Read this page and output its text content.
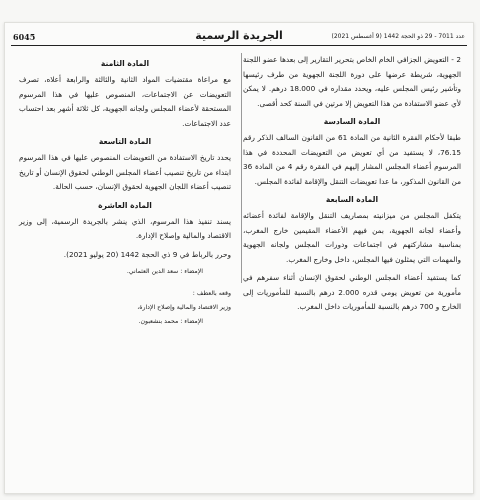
6045	الجريدة الرسمية	عدد 7011 - 29 ذو الحجة 1442 (9 أغسطس 2021)

2 - التعويض الجزافي الخام الخاص بتحرير التقارير إلى بعدها عضو اللجنة الجهوية، شريطة عرضها على دورة اللجنة الجهوية من طرف رئيسها وتأشير رئيس المجلس عليه، ويحدد مقداره في 18.000 درهم. لا يمكن لأي عضو الاستفادة من هذا التعويض إلا مرتين في السنة كحد أقصى.

المادة السادسة

طبقا لأحكام الفقرة الثانية من المادة 61 من القانون السالف الذكر رقم 76.15، لا يستفيد من أي تعويض من التعويضات المحددة في هذا المرسوم أعضاء المجلس المشار إليهم في الفقرة رقم 4 من المادة 36 من القانون المذكور، ما عدا تعويضات التنقل والإقامة لفائدة المجلس.

المادة السابعة

يتكفل المجلس من ميزانيته بمصاريف التنقل والإقامة لفائدة أعضائه وأعضاء لجانه الجهوية، بمن فيهم الأعضاء المقيمين خارج المغرب، بمناسبة مشاركتهم في اجتماعات ودورات المجلس ولجانه الجهوية والمهمات التي يمثلون فيها المجلس، داخل وخارج المغرب.

كما يستفيد أعضاء المجلس الوطني لحقوق الإنسان أثناء سفرهم في مأمورية من تعويض يومي قدره 2.000 درهم بالنسبة للمأموريات إلى الخارج و 700 درهم بالنسبة للمأموريات داخل المغرب.

المادة الثامنة

مع مراعاة مقتضيات المواد الثانية والثالثة والرابعة أعلاه، تصرف التعويضات عن الاجتماعات، المنصوص عليها في هذا المرسوم المستحقة لأعضاء المجلس ولجانه الجهوية، كل ثلاثة أشهر بعد احتساب عدد الاجتماعات.

المادة التاسعة

يحدد تاريخ الاستفادة من التعويضات المنصوص عليها في هذا المرسوم ابتداء من تاريخ تنصيب أعضاء المجلس الوطني لحقوق الإنسان أو تاريخ تنصيب أعضاء اللجان الجهوية لحقوق الإنسان، حسب الحالة.

المادة العاشرة

يسند تنفيذ هذا المرسوم، الذي ينشر بالجريدة الرسمية، إلى وزير الاقتصاد والمالية وإصلاح الإدارة.

وحرر بالرباط في 9 ذي الحجة 1442 (20 يوليو 2021).

الإمضاء : سعد الدين العثماني.
وقعه بالعطف :
وزير الاقتصاد والمالية وإصلاح الإدارة،
الإمضاء : محمد بنشعبون.
